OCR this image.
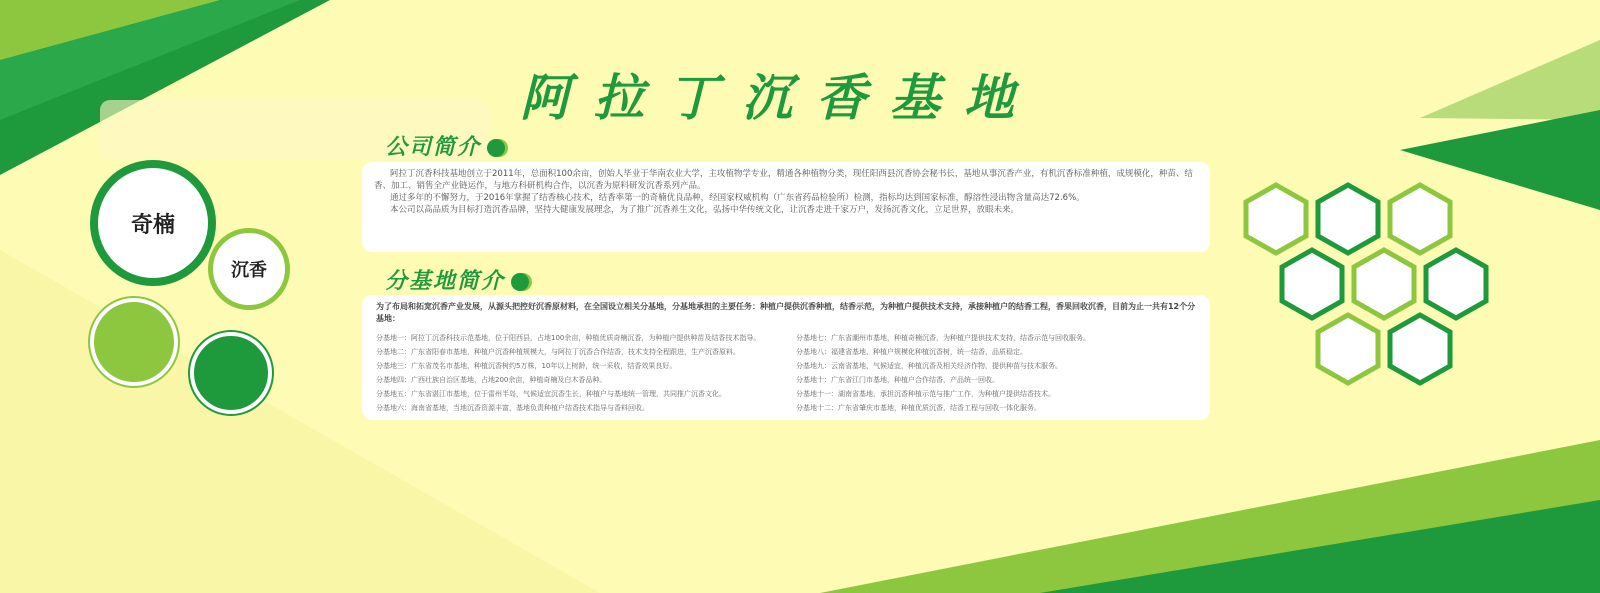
阿拉丁沉香基地
奇楠
沉香
公司简介

阿拉丁沉香科技基地创立于2011年，总面积100余亩，创始人毕业于华南农业大学，主攻植物学专业，精通各种植物分类，现任阳西县沉香协会秘书长，基地从事沉香产业，有机沉香标准种植，成规模化，种苗、结香、加工、销售全产业链运作，与地方科研机构合作，以沉香为原料研发沉香系列产品。

通过多年的不懈努力，于2016年掌握了结香核心技术，结香率第一的奇楠优良品种，经国家权威机构（广东省药品检验所）检测，指标均达到国家标准，醇溶性浸出物含量高达72.6%。

本公司以高品质为目标打造沉香品牌，坚持大健康发展理念，为了推广沉香养生文化，弘扬中华传统文化，让沉香走进千家万户，发扬沉香文化，立足世界，放眼未来。

分基地简介

为了布局和拓宽沉香产业发展，从源头把控好沉香原材料，在全国设立相关分基地，分基地承担的主要任务：种植户提供沉香种植，结香示范，为种植户提供技术支持，承接种植户的结香工程，香果回收沉香，目前为止一共有12个分基地：

分基地一：阿拉丁沉香科技示范基地，位于阳西县，占地100余亩，种植优质奇楠沉香，为种植户提供种苗及结香技术指导。

分基地二：广东省阳春市基地，种植户沉香种植规模大，与阿拉丁沉香合作结香，技术支持全程跟进，生产沉香原料。

分基地三：广东省茂名市基地，种植沉香树约5万株，10年以上树龄，统一采收，结香效果良好。

分基地四：广西壮族自治区基地，占地200余亩，种植奇楠及白木香品种。

分基地五：广东省湛江市基地，位于雷州半岛，气候适宜沉香生长，种植户与基地统一管理，共同推广沉香文化。

分基地六：海南省基地，当地沉香资源丰富，基地负责种植户结香技术指导与香料回收。

分基地七：广东省潮州市基地，种植奇楠沉香，为种植户提供技术支持，结香示范与回收服务。

分基地八：福建省基地，种植户规模化种植沉香树，统一结香，品质稳定。

分基地九：云南省基地，气候适宜，种植沉香及相关经济作物，提供种苗与技术服务。

分基地十：广东省江门市基地，种植户合作结香，产品统一回收。

分基地十一：湖南省基地，承担沉香种植示范与推广工作，为种植户提供结香技术。

分基地十二：广东省肇庆市基地，种植优质沉香，结香工程与回收一体化服务。
